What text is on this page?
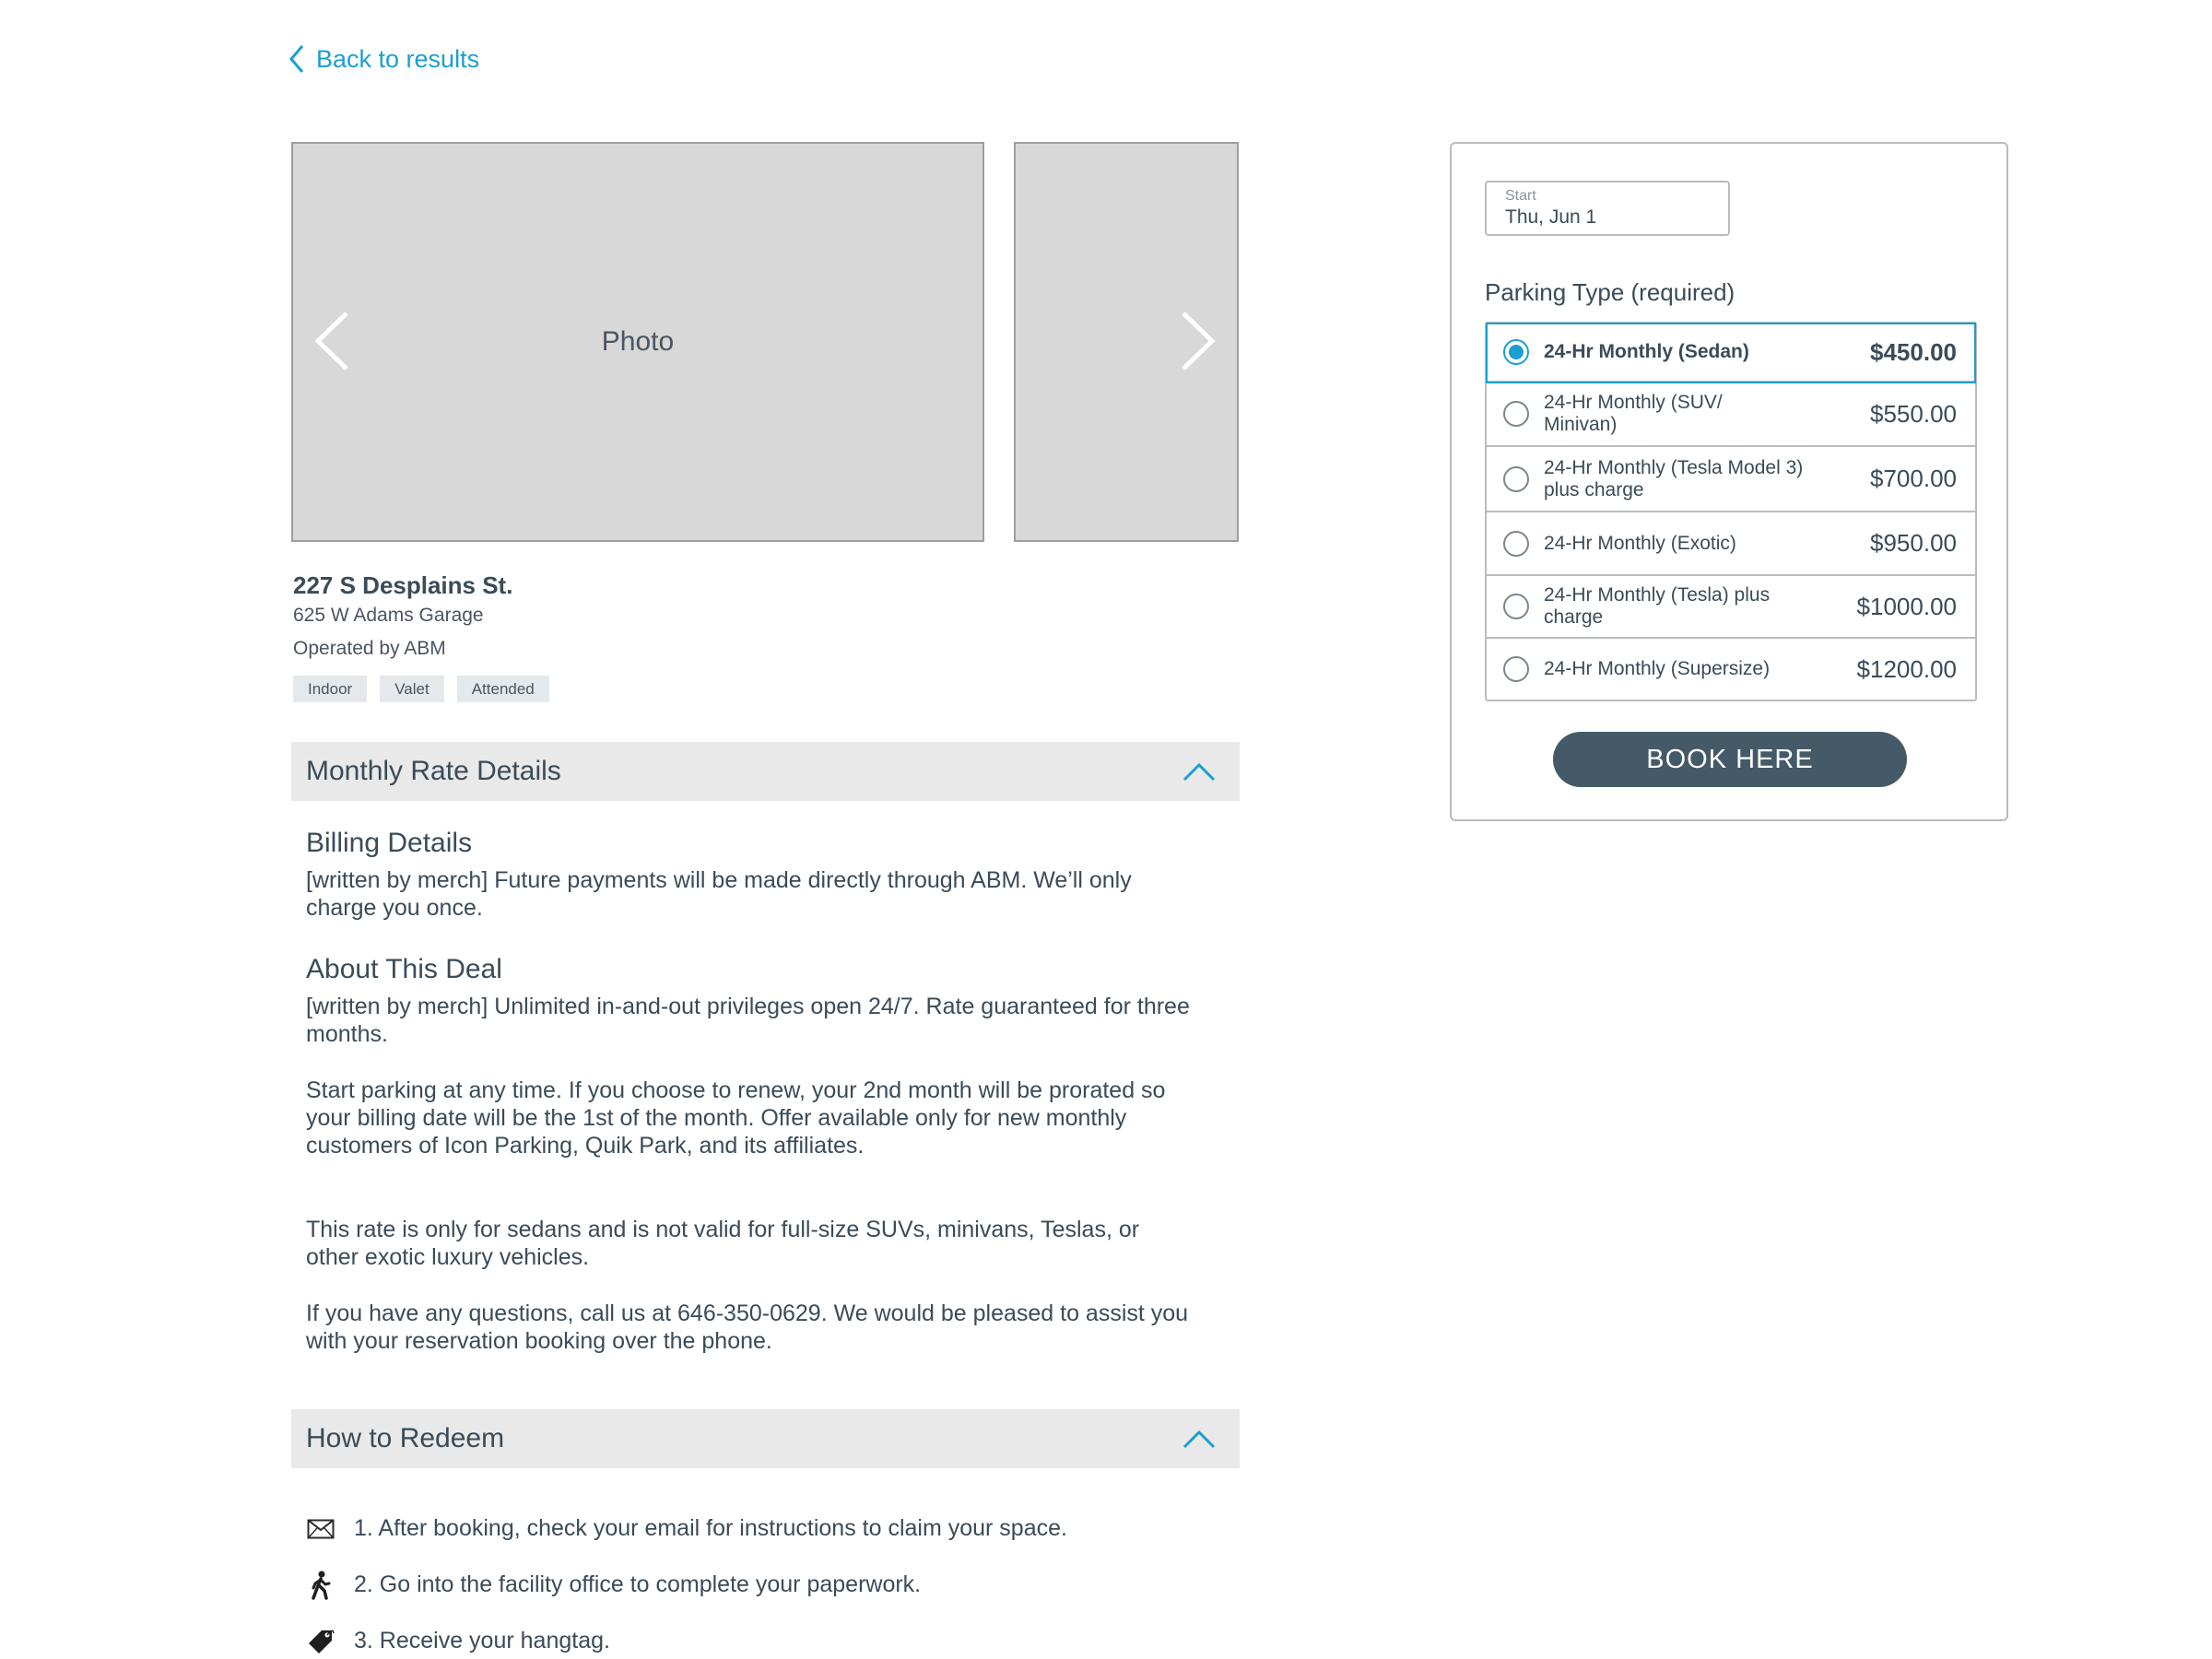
Back to results
Photo
227 S Desplains St.
625 W Adams Garage
Operated by ABM
Indoor	Valet	Attended
Monthly Rate Details
Billing Details
[written by merch] Future payments will be made directly through ABM. We’ll only charge you once.
About This Deal
[written by merch] Unlimited in-and-out privileges open 24/7. Rate guaranteed for three months.
Start parking at any time. If you choose to renew, your 2nd month will be prorated so your billing date will be the 1st of the month. Offer available only for new monthly customers of Icon Parking, Quik Park, and its affiliates.
This rate is only for sedans and is not valid for full-size SUVs, minivans, Teslas, or other exotic luxury vehicles.
If you have any questions, call us at 646-350-0629. We would be pleased to assist you with your reservation booking over the phone.
How to Redeem
1. After booking, check your email for instructions to claim your space.
2. Go into the facility office to complete your paperwork.
3. Receive your hangtag.
Start
Thu, Jun 1
Parking Type (required)
24-Hr Monthly (Sedan)	$450.00
24-Hr Monthly (SUV/ Minivan)	$550.00
24-Hr Monthly (Tesla Model 3) plus charge	$700.00
24-Hr Monthly (Exotic)	$950.00
24-Hr Monthly (Tesla) plus charge	$1000.00
24-Hr Monthly (Supersize)	$1200.00
BOOK HERE
